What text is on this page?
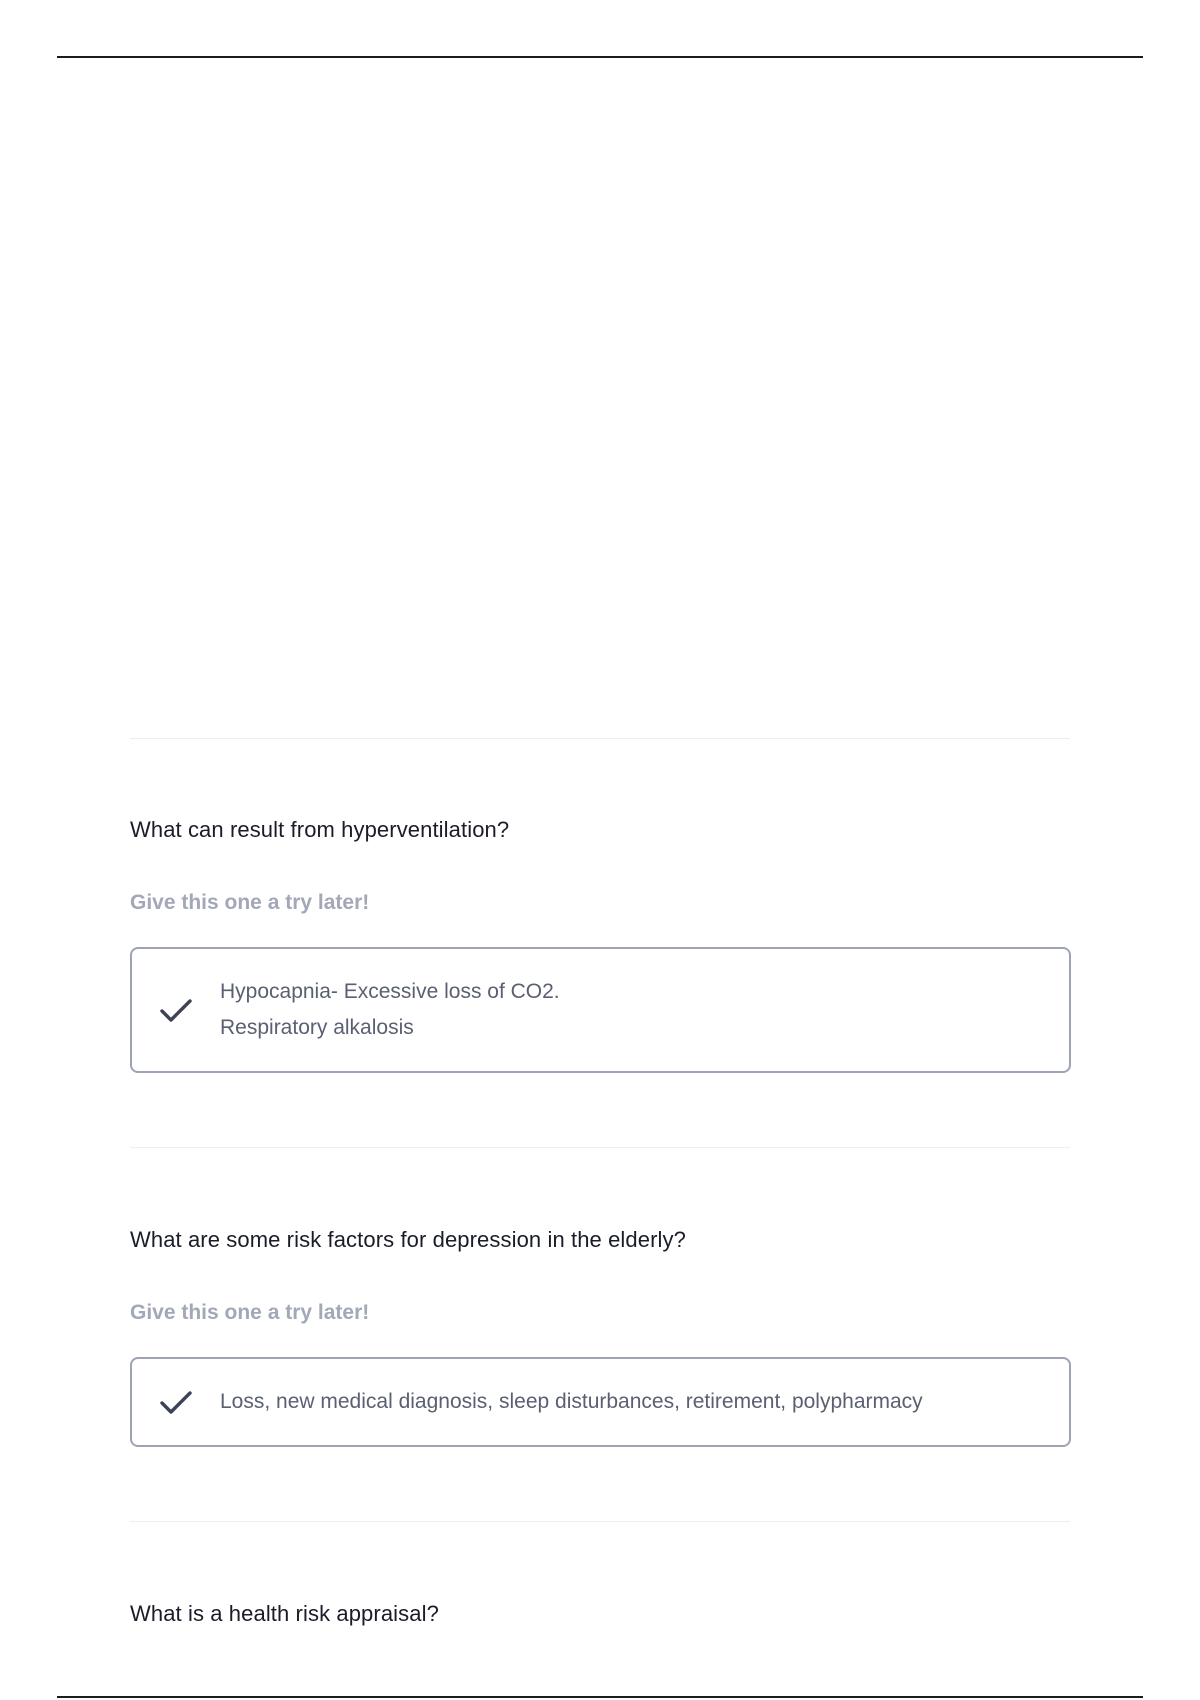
What can result from hyperventilation?
Give this one a try later!
Hypocapnia- Excessive loss of CO2.
Respiratory alkalosis
What are some risk factors for depression in the elderly?
Give this one a try later!
Loss, new medical diagnosis, sleep disturbances, retirement, polypharmacy
What is a health risk appraisal?
